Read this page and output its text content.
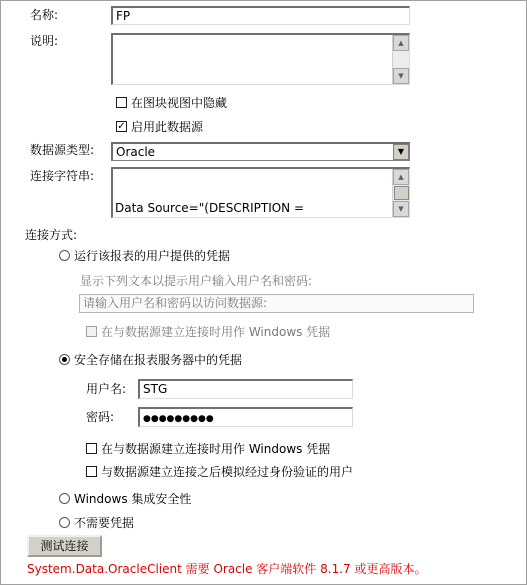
名称:	FP
说明:	▲
▼
在图块视图中隐藏
✓ 启用此数据源
数据源类型: Oracle	▼
连接字符串:

Data Source="(DESCRIPTION =

▲
▼
连接方式:
运行该报表的用户提供的凭据
显示下列文本以提示用户输入用户名和密码:
请输入用户名和密码以访问数据源:
在与数据源建立连接时用作 Windows 凭据
安全存储在报表服务器中的凭据
用户名:	STG
密码:	●●●●●●●●●
在与数据源建立连接时用作 Windows 凭据
与数据源建立连接之后模拟经过身份验证的用户
Windows 集成安全性
不需要凭据
测试连接
System.Data.OracleClient 需要 Oracle 客户端软件 8.1.7 或更高版本。
